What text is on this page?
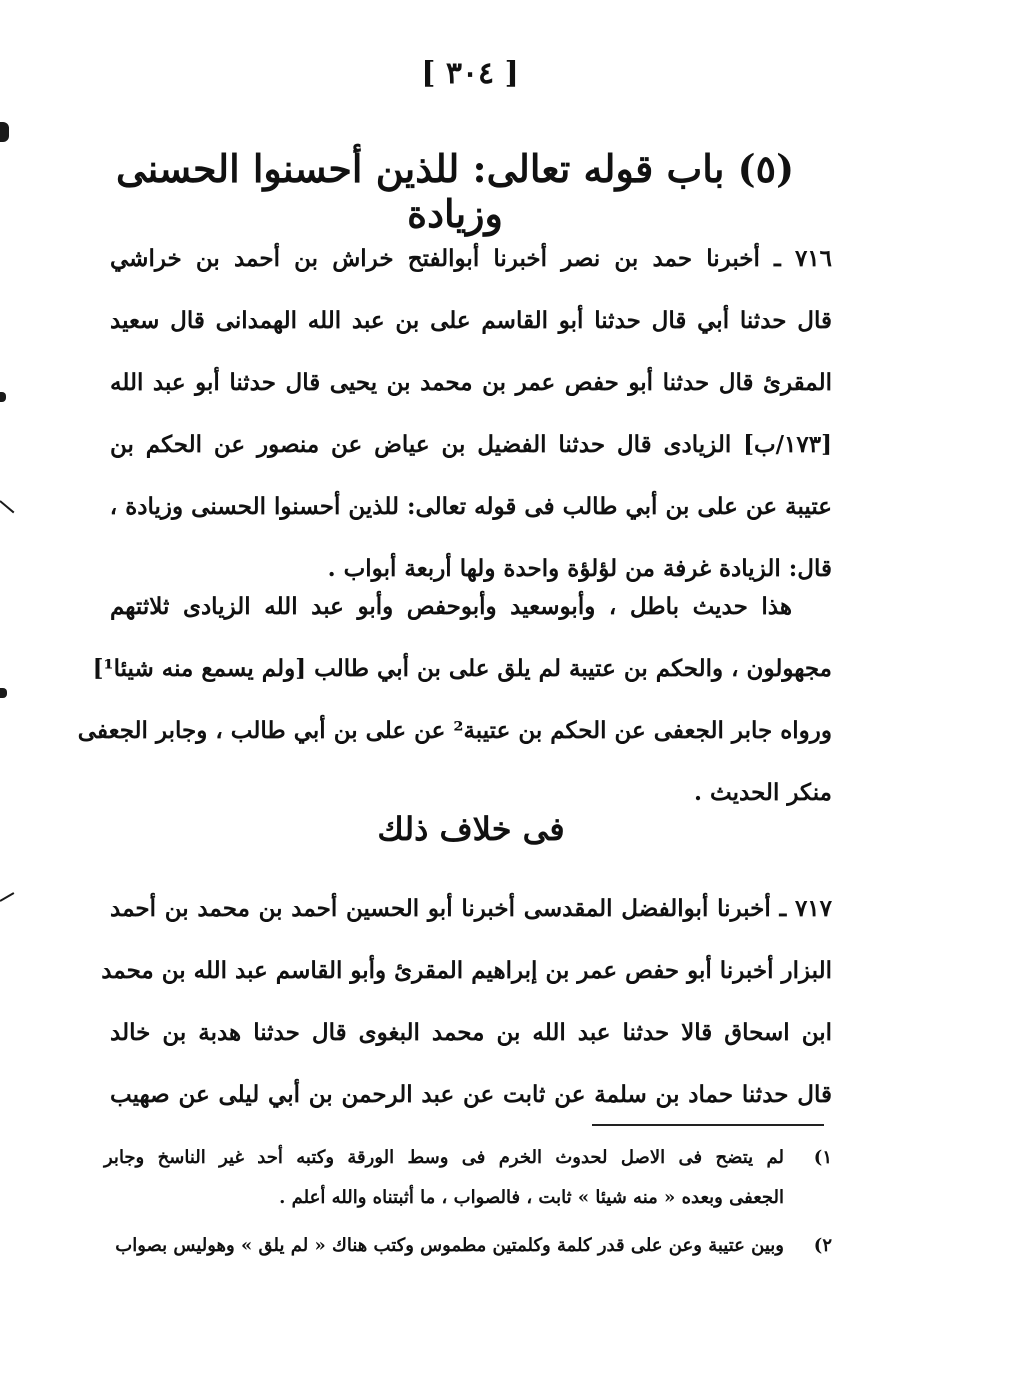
[ ٣٠٤ ]
(٥) باب قوله تعالى: للذين أحسنوا الحسنى وزيادة
٧١٦ ـ أخبرنا حمد بن نصر أخبرنا أبوالفتح خراش بن أحمد بن خراشي
قال حدثنا أبي قال حدثنا أبو القاسم على بن عبد الله الهمدانى قال سعيد
المقرئ قال حدثنا أبو حفص عمر بن محمد بن يحيى قال حدثنا أبو عبد الله
[١٧٣/ب] الزيادى قال حدثنا الفضيل بن عياض عن منصور عن الحكم بن
عتيبة عن على بن أبي طالب فى قوله تعالى: للذين أحسنوا الحسنى وزيادة ،
قال: الزيادة غرفة من لؤلؤة واحدة ولها أربعة أبواب .
هذا حديث باطل ، وأبوسعيد وأبوحفص وأبو عبد الله الزيادى ثلاثتهم
مجهولون ، والحكم بن عتيبة لم يلق على بن أبي طالب [ولم يسمع منه شيئا¹]
ورواه جابر الجعفى عن الحكم بن عتيبة² عن على بن أبي طالب ، وجابر الجعفى
منكر الحديث .
فى خلاف ذلك
٧١٧ ـ أخبرنا أبوالفضل المقدسى أخبرنا أبو الحسين أحمد بن محمد بن أحمد
البزار أخبرنا أبو حفص عمر بن إبراهيم المقرئ وأبو القاسم عبد الله بن محمد
ابن اسحاق قالا حدثنا عبد الله بن محمد البغوى قال حدثنا هدبة بن خالد
قال حدثنا حماد بن سلمة عن ثابت عن عبد الرحمن بن أبي ليلى عن صهيب
١)
لم يتضح فى الاصل لحدوث الخرم فى وسط الورقة وكتبه أحد غير الناسخ وجابر
الجعفى وبعده « منه شيئا » ثابت ، فالصواب ، ما أثبتناه والله أعلم .
٢)
وبين عتيبة وعن على قدر كلمة وكلمتين مطموس وكتب هناك « لم يلق » وهوليس بصواب
